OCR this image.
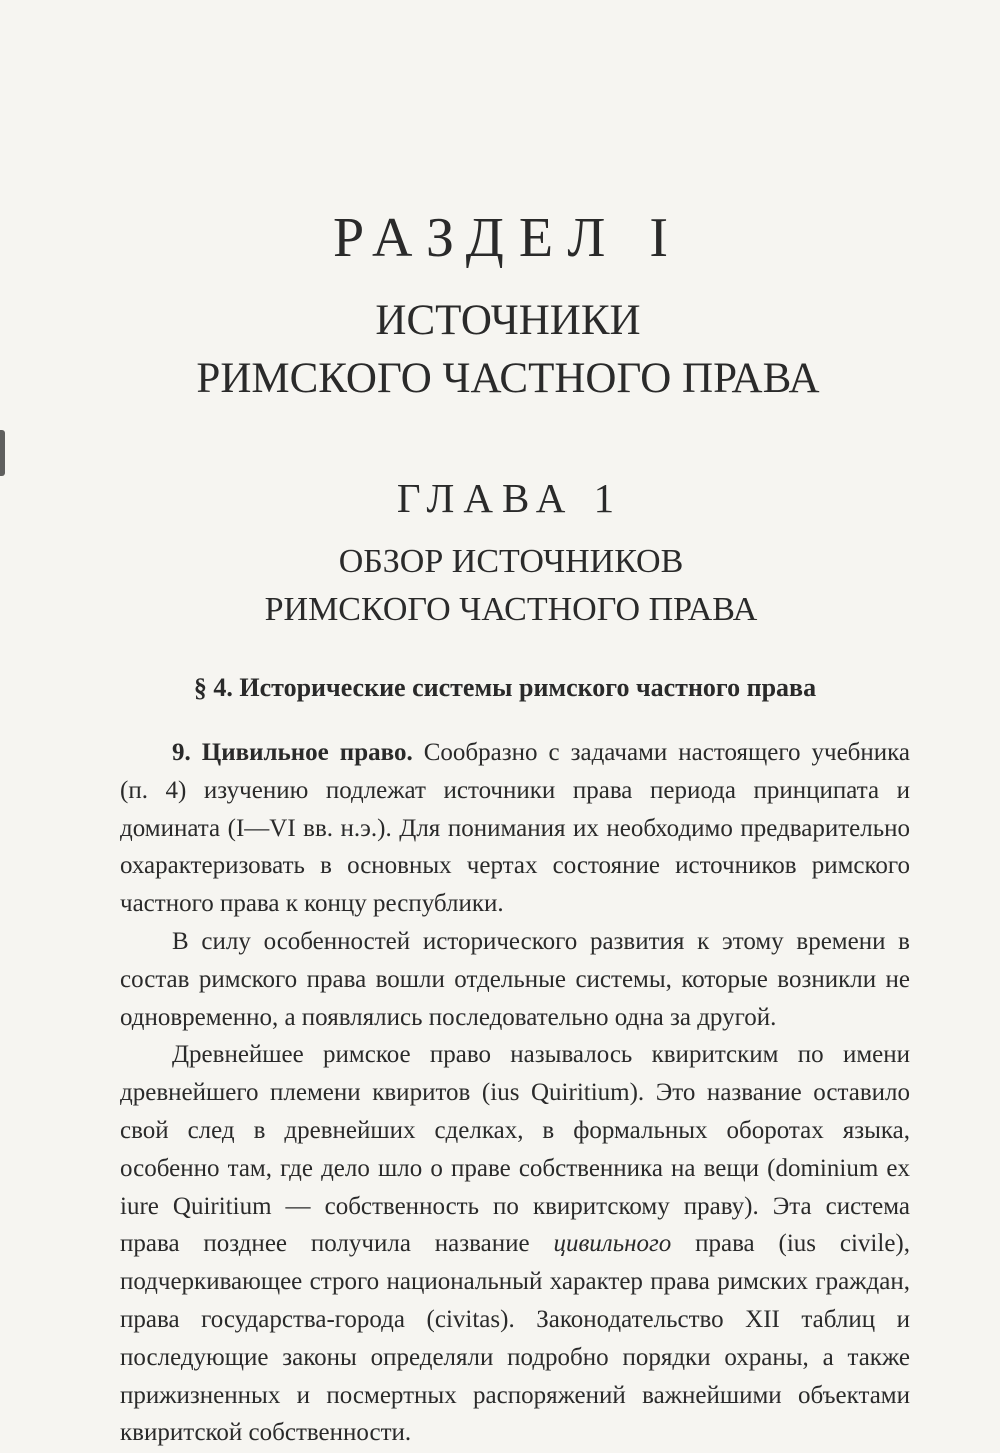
РАЗДЕЛ I
ИСТОЧНИКИ
РИМСКОГО ЧАСТНОГО ПРАВА
ГЛАВА 1
ОБЗОР ИСТОЧНИКОВ
РИМСКОГО ЧАСТНОГО ПРАВА
§ 4. Исторические системы римского частного права

9. Цивильное право. Сообразно с задачами настоящего учебника (п. 4) изучению подлежат источники права периода принципата и домината (I—VI вв. н.э.). Для понимания их необходимо предварительно охарактеризовать в основных чертах состояние источников римского частного права к концу республики.

В силу особенностей исторического развития к этому времени в состав римского права вошли отдельные системы, которые возникли не одновременно, а появлялись последовательно одна за другой.

Древнейшее римское право называлось квиритским по имени древнейшего племени квиритов (ius Quiritium). Это название оставило свой след в древнейших сделках, в формальных оборотах языка, особенно там, где дело шло о праве собственника на вещи (dominium ex iure Quiritium — собственность по квиритскому праву). Эта система права позднее получила название цивильного права (ius civile), подчеркивающее строго национальный характер права римских граждан, права государства-города (civitas). Законодательство XII таблиц и последующие законы определяли подробно порядки охраны, а также прижизненных и посмертных распоряжений важнейшими объектами квиритской собственности.
